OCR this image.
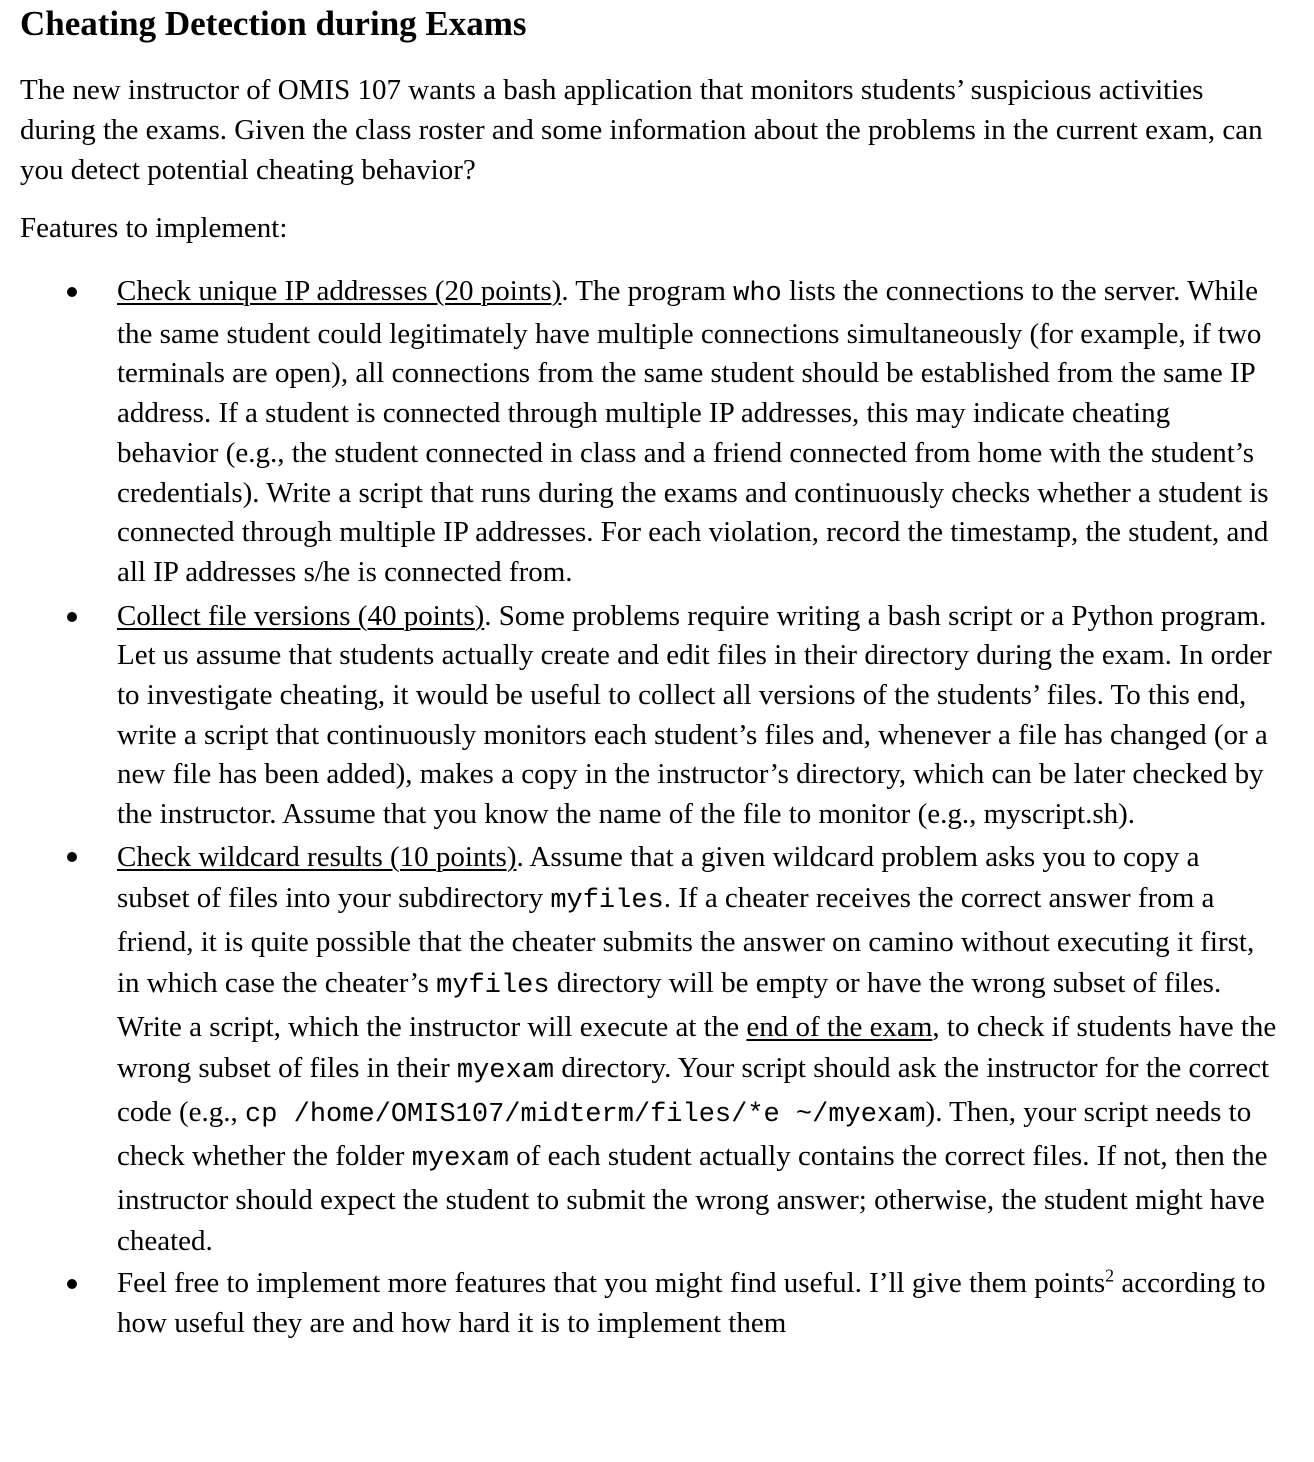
Cheating Detection during Exams

The new instructor of OMIS 107 wants a bash application that monitors students’ suspicious activities during the exams. Given the class roster and some information about the problems in the current exam, can you detect potential cheating behavior?

Features to implement:

Check unique IP addresses (20 points). The program who lists the connections to the server. While the same student could legitimately have multiple connections simultaneously (for example, if two terminals are open), all connections from the same student should be established from the same IP address. If a student is connected through multiple IP addresses, this may indicate cheating behavior (e.g., the student connected in class and a friend connected from home with the student’s credentials). Write a script that runs during the exams and continuously checks whether a student is connected through multiple IP addresses. For each violation, record the timestamp, the student, and all IP addresses s/he is connected from.
Collect file versions (40 points). Some problems require writing a bash script or a Python program. Let us assume that students actually create and edit files in their directory during the exam. In order to investigate cheating, it would be useful to collect all versions of the students’ files. To this end, write a script that continuously monitors each student’s files and, whenever a file has changed (or a new file has been added), makes a copy in the instructor’s directory, which can be later checked by the instructor. Assume that you know the name of the file to monitor (e.g., myscript.sh).
Check wildcard results (10 points). Assume that a given wildcard problem asks you to copy a subset of files into your subdirectory myfiles. If a cheater receives the correct answer from a friend, it is quite possible that the cheater submits the answer on camino without executing it first, in which case the cheater’s myfiles directory will be empty or have the wrong subset of files. Write a script, which the instructor will execute at the end of the exam, to check if students have the wrong subset of files in their myexam directory. Your script should ask the instructor for the correct code (e.g., cp /home/OMIS107/midterm/files/*e ~/myexam). Then, your script needs to check whether the folder myexam of each student actually contains the correct files. If not, then the instructor should expect the student to submit the wrong answer; otherwise, the student might have cheated.
Feel free to implement more features that you might find useful. I’ll give them points$^2$ according to how useful they are and how hard it is to implement them
